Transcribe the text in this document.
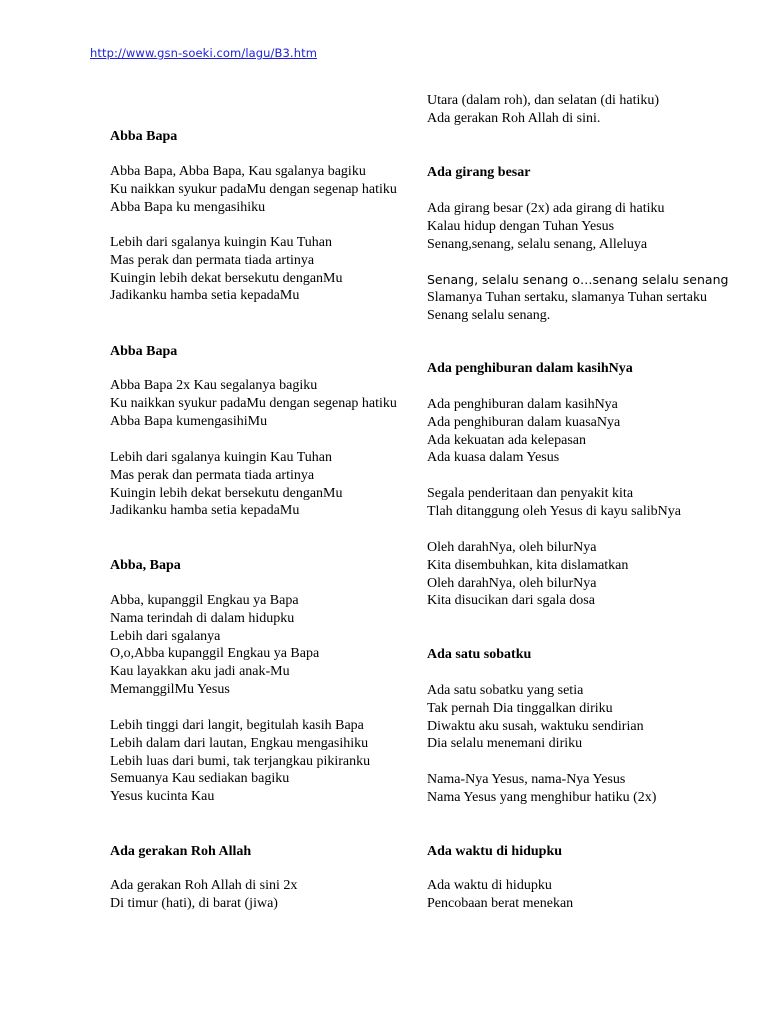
http://www.gsn-soeki.com/lagu/B3.htm
Abba Bapa
Abba Bapa, Abba Bapa, Kau sgalanya bagiku
Ku naikkan syukur padaMu dengan segenap hatiku
Abba Bapa ku mengasihiku
Lebih dari sgalanya kuingin Kau Tuhan
Mas perak dan permata tiada artinya
Kuingin lebih dekat bersekutu denganMu
Jadikanku hamba setia kepadaMu
Abba Bapa
Abba Bapa 2x Kau segalanya bagiku
Ku naikkan syukur padaMu dengan segenap hatiku
Abba Bapa kumengasihiMu
Lebih dari sgalanya kuingin Kau Tuhan
Mas perak dan permata tiada artinya
Kuingin lebih dekat bersekutu denganMu
Jadikanku hamba setia kepadaMu
Abba, Bapa
Abba, kupanggil Engkau ya Bapa
Nama terindah di dalam hidupku
Lebih dari sgalanya
O,o,Abba kupanggil Engkau ya Bapa
Kau layakkan aku jadi anak-Mu
MemanggilMu Yesus
Lebih tinggi dari langit, begitulah kasih Bapa
Lebih dalam dari lautan, Engkau mengasihiku
Lebih luas dari bumi, tak terjangkau pikiranku
Semuanya Kau sediakan bagiku
Yesus kucinta Kau
Ada gerakan Roh Allah
Ada gerakan Roh Allah di sini 2x
Di timur (hati), di barat (jiwa)
Utara (dalam roh), dan selatan (di hatiku)
Ada gerakan Roh Allah di sini.
Ada girang besar
Ada girang besar (2x) ada girang di hatiku
Kalau hidup dengan Tuhan Yesus
Senang,senang, selalu senang, Alleluya
Senang, selalu senang o…senang selalu senang
Slamanya Tuhan sertaku, slamanya Tuhan sertaku
Senang selalu senang.
Ada penghiburan dalam kasihNya
Ada penghiburan dalam kasihNya
Ada penghiburan dalam kuasaNya
Ada kekuatan ada kelepasan
Ada kuasa dalam Yesus
Segala penderitaan dan penyakit kita
Tlah ditanggung oleh Yesus di kayu salibNya
Oleh darahNya, oleh bilurNya
Kita disembuhkan, kita dislamatkan
Oleh darahNya, oleh bilurNya
Kita disucikan dari sgala dosa
Ada satu sobatku
Ada satu sobatku yang setia
Tak pernah Dia tinggalkan diriku
Diwaktu aku susah, waktuku sendirian
Dia selalu menemani diriku
Nama-Nya Yesus, nama-Nya Yesus
Nama Yesus yang menghibur hatiku (2x)
Ada waktu di hidupku
Ada waktu di hidupku
Pencobaan berat menekan
